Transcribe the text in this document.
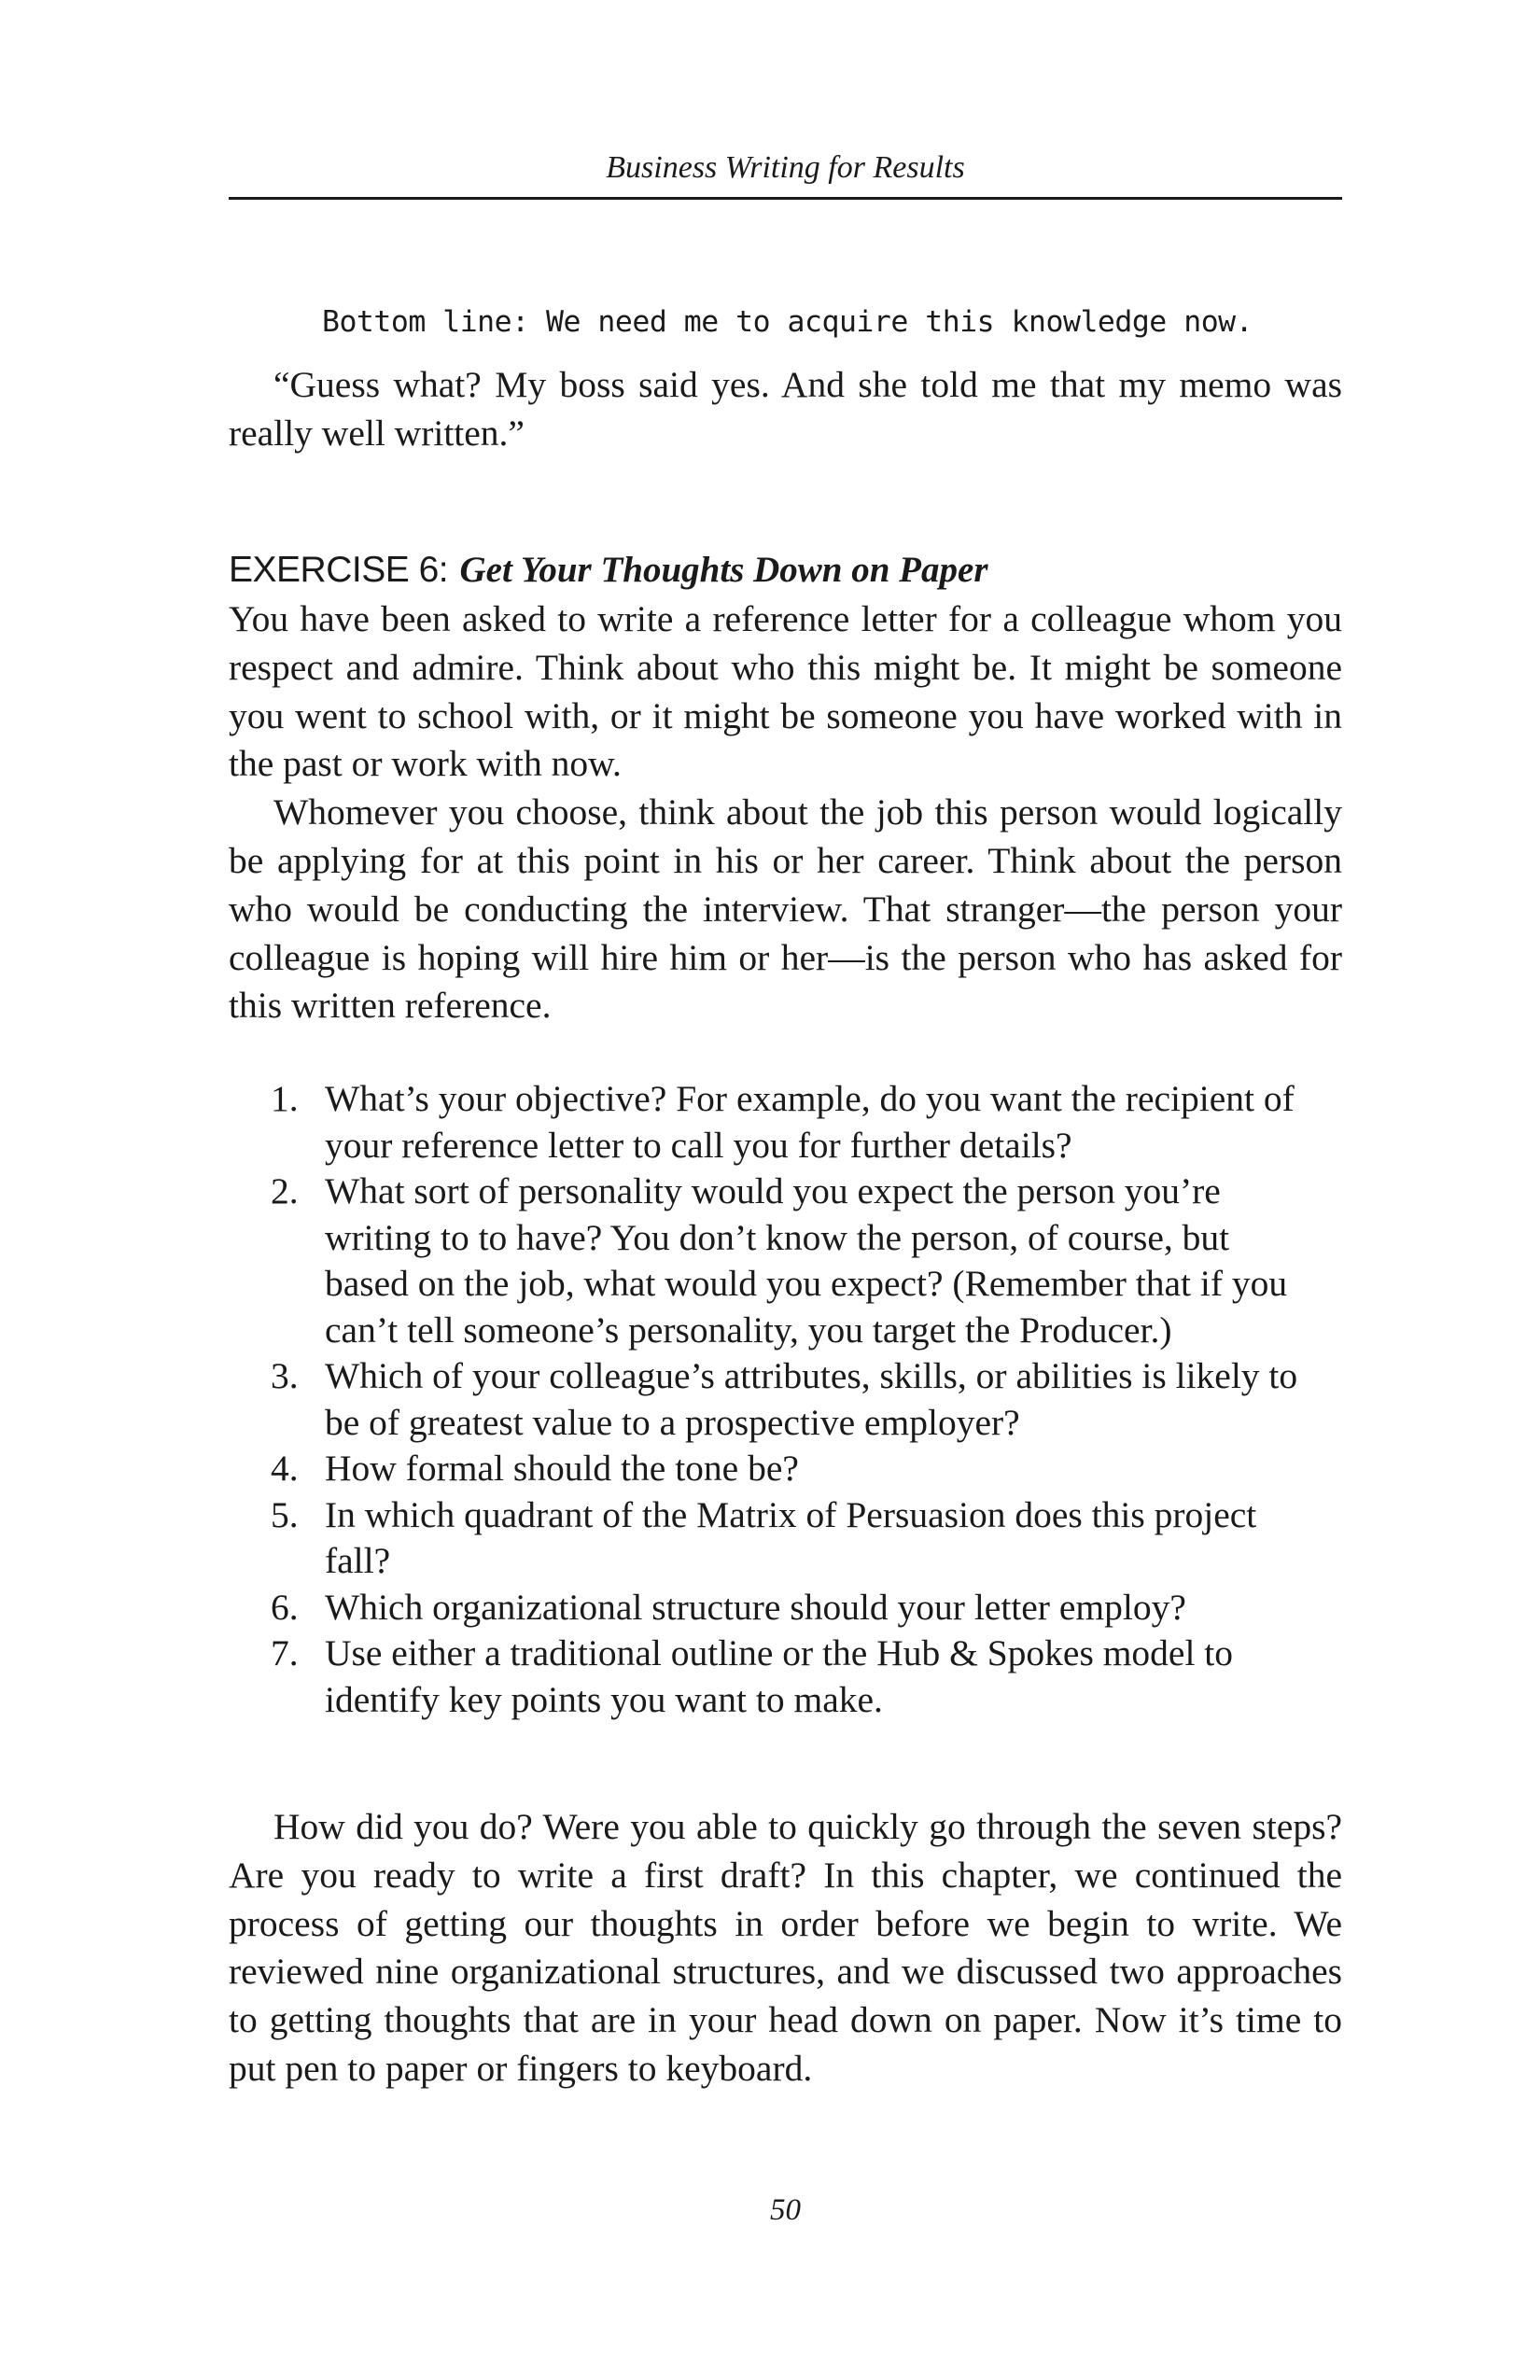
Business Writing for Results
Bottom line: We need me to acquire this knowledge now.

“Guess what? My boss said yes. And she told me that my memo was really well written.”

EXERCISE 6: Get Your Thoughts Down on Paper

You have been asked to write a reference letter for a colleague whom you respect and admire. Think about who this might be. It might be someone you went to school with, or it might be someone you have worked with in the past or work with now.

Whomever you choose, think about the job this person would logically be applying for at this point in his or her career. Think about the person who would be conducting the interview. That stranger—the person your colleague is hoping will hire him or her—is the person who has asked for this written reference.

1. What’s your objective? For example, do you want the recipient of your reference letter to call you for further details?
2. What sort of personality would you expect the person you’re writing to to have? You don’t know the person, of course, but based on the job, what would you expect? (Remember that if you can’t tell someone’s personality, you target the Producer.)
3. Which of your colleague’s attributes, skills, or abilities is likely to be of greatest value to a prospective employer?
4. How formal should the tone be?
5. In which quadrant of the Matrix of Persuasion does this project fall?
6. Which organizational structure should your letter employ?
7. Use either a traditional outline or the Hub & Spokes model to identify key points you want to make.

How did you do? Were you able to quickly go through the seven steps? Are you ready to write a first draft? In this chapter, we continued the process of getting our thoughts in order before we begin to write. We reviewed nine organizational structures, and we discussed two approaches to getting thoughts that are in your head down on paper. Now it’s time to put pen to paper or fingers to keyboard.

50
